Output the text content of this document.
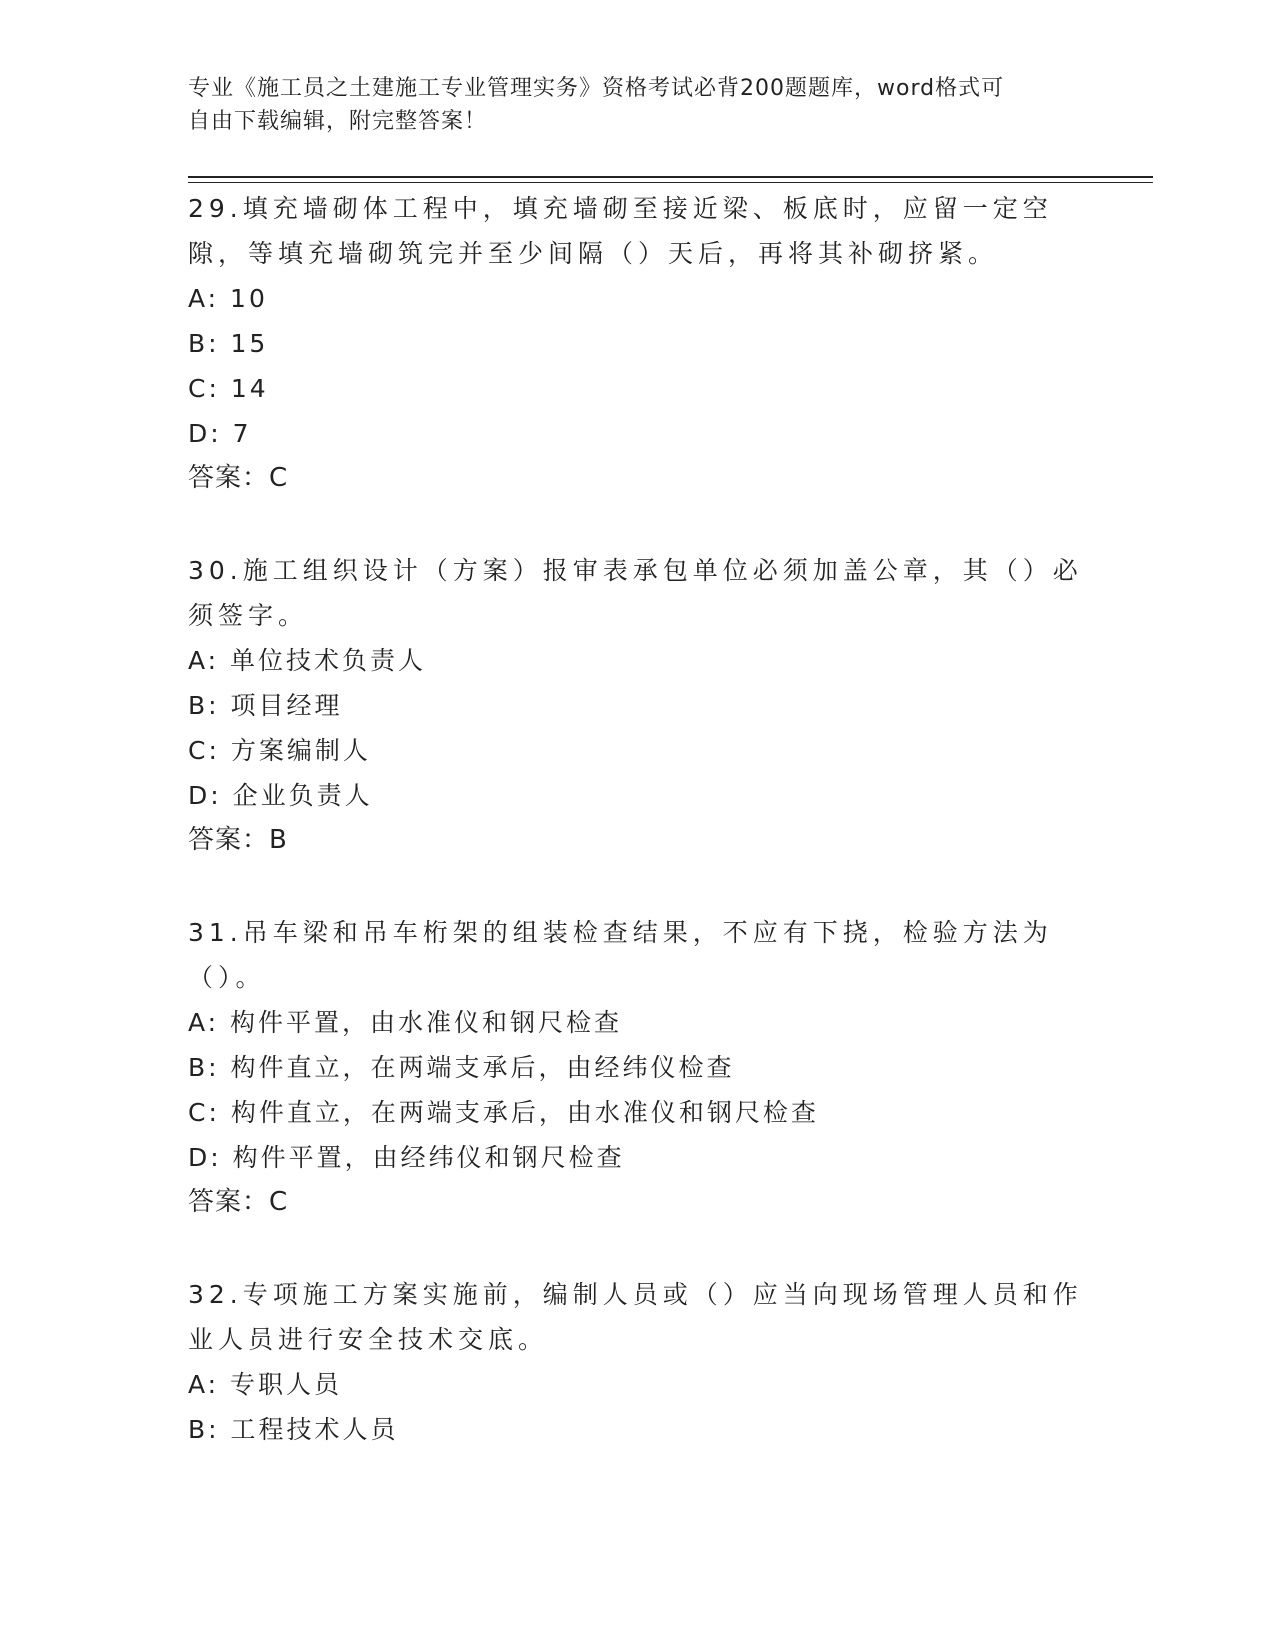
专业《施工员之土建施工专业管理实务》资格考试必背200题题库，word格式可
自由下载编辑，附完整答案！

29.填充墙砌体工程中，填充墙砌至接近梁、板底时，应留一定空隙，等填充墙砌筑完并至少间隔（）天后，再将其补砌挤紧。

A: 10
B: 15
C: 14
D: 7
答案：C

30.施工组织设计（方案）报审表承包单位必须加盖公章，其（）必须签字。

A: 单位技术负责人
B: 项目经理
C: 方案编制人
D: 企业负责人
答案：B

31.吊车梁和吊车桁架的组装检查结果，不应有下挠，检验方法为（）。

A: 构件平置，由水准仪和钢尺检查
B: 构件直立，在两端支承后，由经纬仪检查
C: 构件直立，在两端支承后，由水准仪和钢尺检查
D: 构件平置，由经纬仪和钢尺检查
答案：C

32.专项施工方案实施前，编制人员或（）应当向现场管理人员和作业人员进行安全技术交底。

A: 专职人员
B: 工程技术人员
